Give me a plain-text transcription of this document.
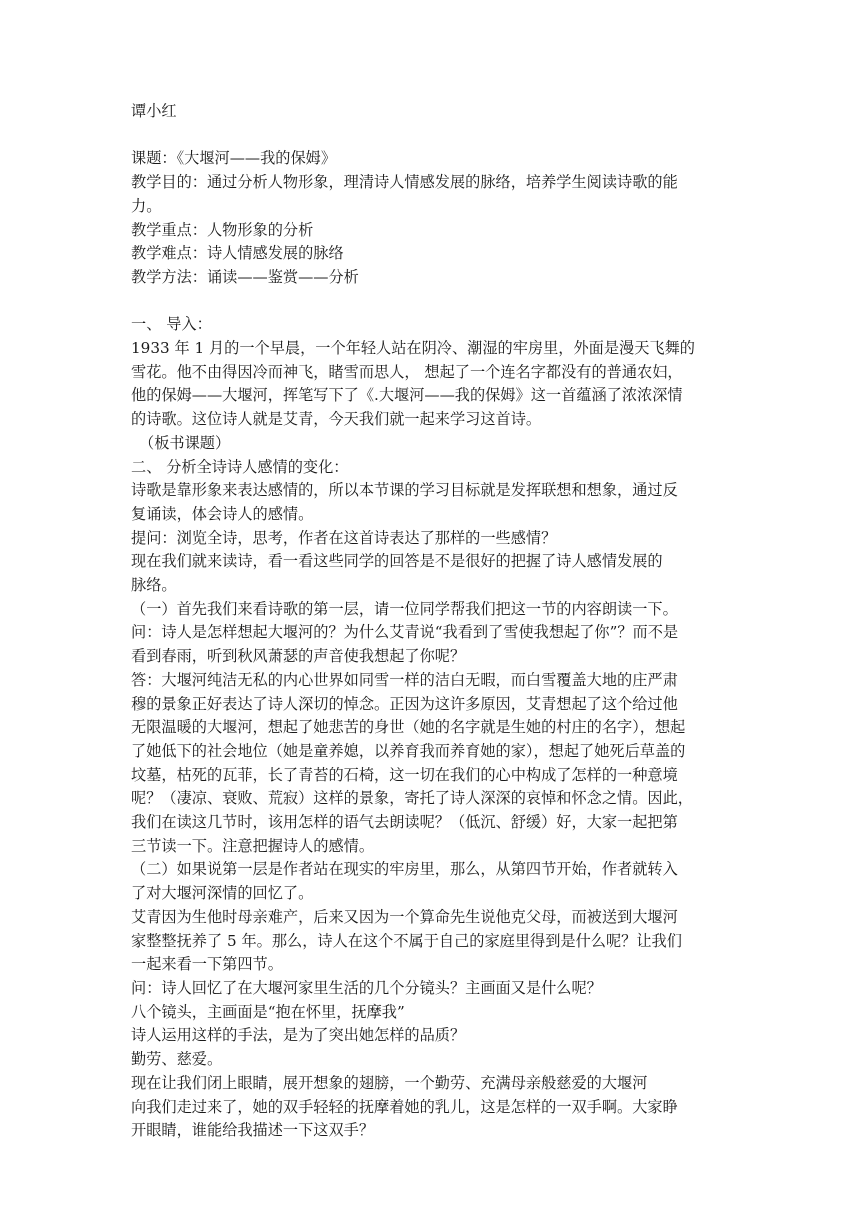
谭小红
课题：《大堰河——我的保姆》
教学目的：通过分析人物形象，理清诗人情感发展的脉络，培养学生阅读诗歌的能
力。
教学重点：人物形象的分析
教学难点：诗人情感发展的脉络
教学方法：诵读——鉴赏——分析
一、 导入：
1933 年 1 月的一个早晨，一个年轻人站在阴冷、潮湿的牢房里，外面是漫天飞舞的
雪花。他不由得因冷而神飞，睹雪而思人， 想起了一个连名字都没有的普通农妇，
他的保姆——大堰河，挥笔写下了《.大堰河——我的保姆》这一首蕴涵了浓浓深情
的诗歌。这位诗人就是艾青，今天我们就一起来学习这首诗。
（板书课题）
二、 分析全诗诗人感情的变化：
诗歌是靠形象来表达感情的，所以本节课的学习目标就是发挥联想和想象，通过反
复诵读，体会诗人的感情。
提问：浏览全诗，思考，作者在这首诗表达了那样的一些感情？
现在我们就来读诗，看一看这些同学的回答是不是很好的把握了诗人感情发展的
脉络。
（一）首先我们来看诗歌的第一层，请一位同学帮我们把这一节的内容朗读一下。
问：诗人是怎样想起大堰河的？为什么艾青说“我看到了雪使我想起了你”？而不是
看到春雨，听到秋风萧瑟的声音使我想起了你呢？
答：大堰河纯洁无私的内心世界如同雪一样的洁白无暇，而白雪覆盖大地的庄严肃
穆的景象正好表达了诗人深切的悼念。正因为这许多原因，艾青想起了这个给过他
无限温暖的大堰河，想起了她悲苦的身世（她的名字就是生她的村庄的名字），想起
了她低下的社会地位（她是童养媳，以养育我而养育她的家），想起了她死后草盖的
坟墓，枯死的瓦菲，长了青苔的石椅，这一切在我们的心中构成了怎样的一种意境
呢？（凄凉、衰败、荒寂）这样的景象，寄托了诗人深深的哀悼和怀念之情。因此，
我们在读这几节时，该用怎样的语气去朗读呢？（低沉、舒缓）好，大家一起把第
三节读一下。注意把握诗人的感情。
（二）如果说第一层是作者站在现实的牢房里，那么，从第四节开始，作者就转入
了对大堰河深情的回忆了。
艾青因为生他时母亲难产，后来又因为一个算命先生说他克父母，而被送到大堰河
家整整抚养了 5 年。那么，诗人在这个不属于自己的家庭里得到是什么呢？让我们
一起来看一下第四节。
问：诗人回忆了在大堰河家里生活的几个分镜头？主画面又是什么呢？
八个镜头，主画面是“抱在怀里，抚摩我”
诗人运用这样的手法，是为了突出她怎样的品质？
勤劳、慈爱。
现在让我们闭上眼睛，展开想象的翅膀，一个勤劳、充满母亲般慈爱的大堰河
向我们走过来了，她的双手轻轻的抚摩着她的乳儿，这是怎样的一双手啊。大家睁
开眼睛，谁能给我描述一下这双手？
